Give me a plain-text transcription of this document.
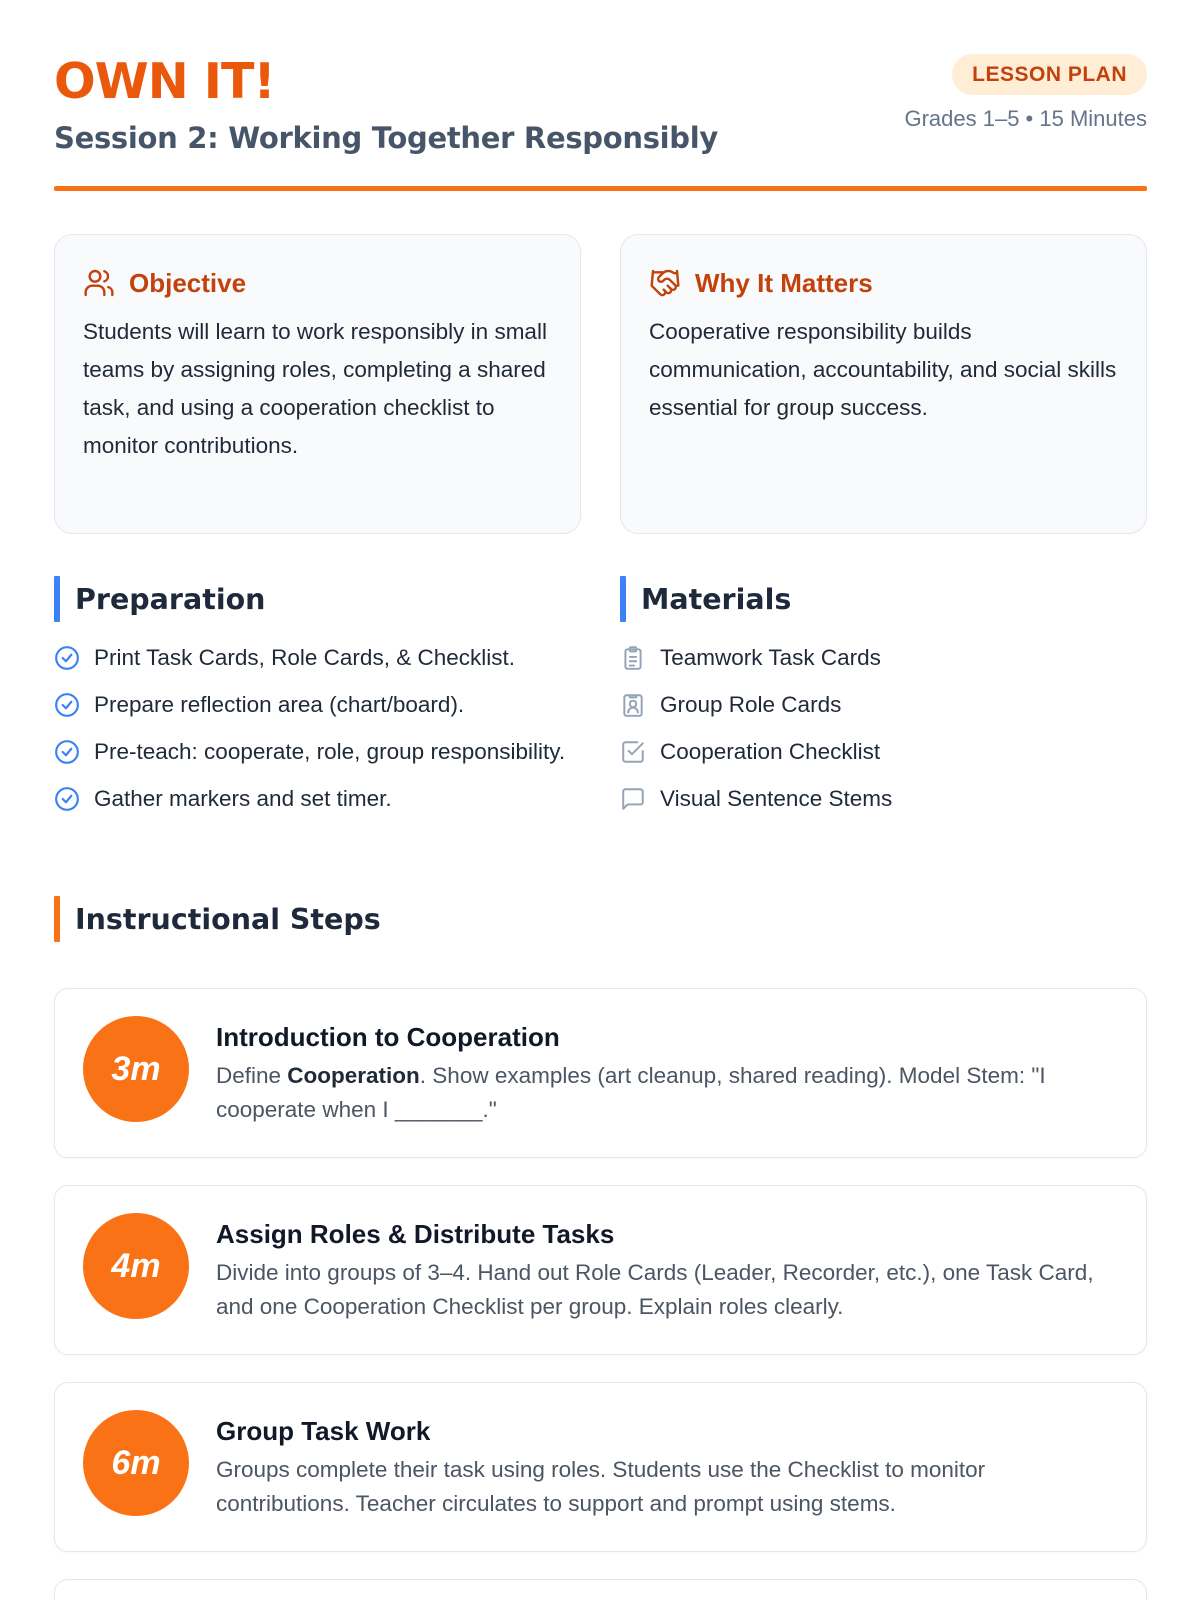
OWN IT!
Session 2: Working Together Responsibly
LESSON PLAN
Grades 1–5 • 15 Minutes
Objective
Students will learn to work responsibly in small teams by assigning roles, completing a shared task, and using a cooperation checklist to monitor contributions.
Why It Matters
Cooperative responsibility builds communication, accountability, and social skills essential for group success.
Preparation
Print Task Cards, Role Cards, & Checklist.
Prepare reflection area (chart/board).
Pre-teach: cooperate, role, group responsibility.
Gather markers and set timer.
Materials
Teamwork Task Cards
Group Role Cards
Cooperation Checklist
Visual Sentence Stems
Instructional Steps
3m
Introduction to Cooperation
Define Cooperation. Show examples (art cleanup, shared reading). Model Stem: "I cooperate when I _______."
4m
Assign Roles & Distribute Tasks
Divide into groups of 3–4. Hand out Role Cards (Leader, Recorder, etc.), one Task Card, and one Cooperation Checklist per group. Explain roles clearly.
6m
Group Task Work
Groups complete their task using roles. Students use the Checklist to monitor contributions. Teacher circulates to support and prompt using stems.
